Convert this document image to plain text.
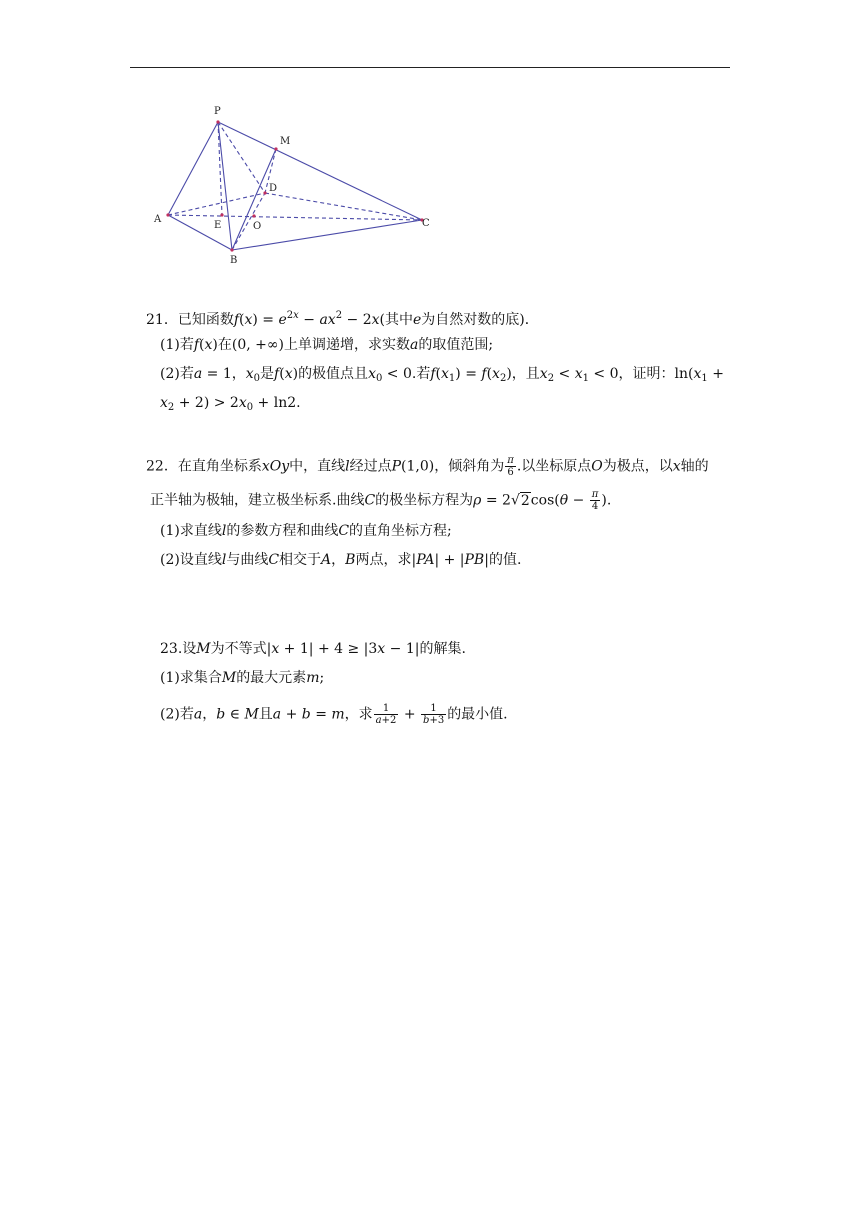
P
M
D
A
E	O
B
C
21．已知函数$f(x) = e^{2x} - ax^2 - 2x$(其中e为自然对数的底)．
(1)若f(x)在(0, +∞)上单调递增，求实数a的取值范围;
(2)若a = 1，$x_0$是f(x)的极值点且$x_0 < 0$.若$f(x_1) = f(x_2)$，且$x_2 < x_1 < 0$，证明：$\ln(x_1$ +
$x_2 + 2) > 2x_0 + \ln 2$.
22．在直角坐标系xOy中，直线l经过点P(1,0)，倾斜角为 $\frac{\pi}{6}$ .以坐标原点O为极点，以x轴的
正半轴为极轴，建立极坐标系.曲线C的极坐标方程为$\rho = 2√2\cos(\theta - \frac{\pi}{4}$ ).
(1)求直线l的参数方程和曲线C的直角坐标方程;
(2)设直线l与曲线C相交于A，B两点，求|PA| + |PB|的值.
23.设M为不等式|x + 1| + 4 ≥ |3x − 1|的解集.
(1)求集合M的最大元素m;
(2)若a，b ∈ M且a + b = m，求 $\frac{1}{a+2} + \frac{1}{b+3}$ 的最小值.
